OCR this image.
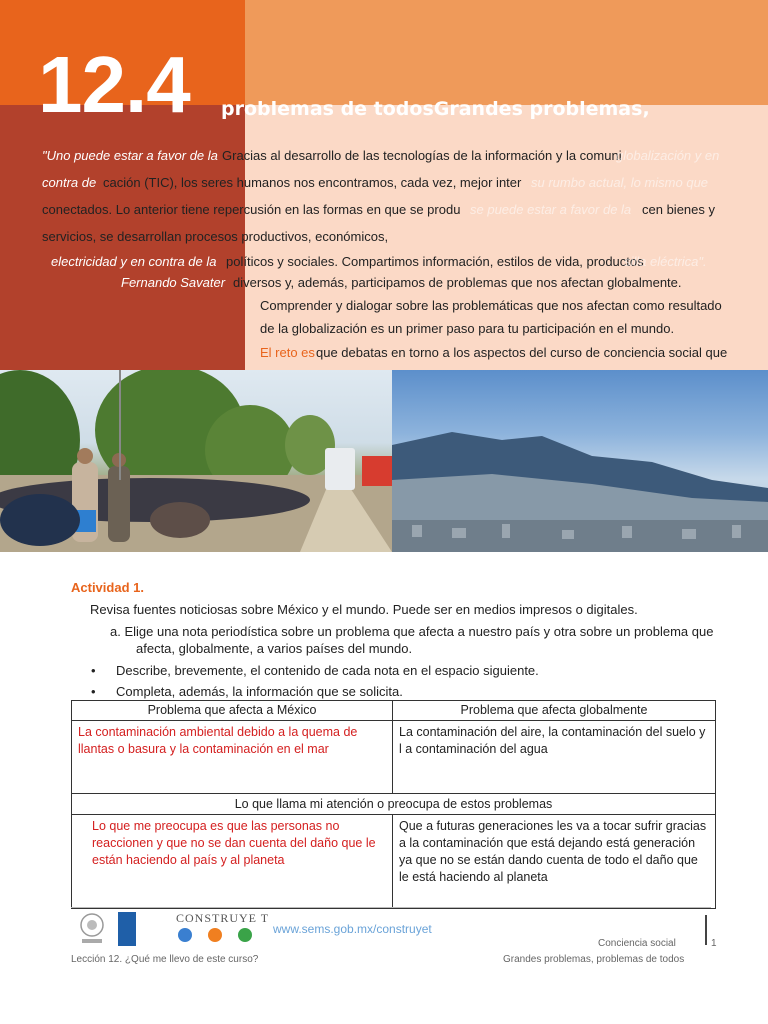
12.4 problemas de todosGrandes problemas,
"Uno puede estar a favor de la Gracias al desarrollo de las tecnologías de la información y la comuni
globalización y en
contra de cación (TIC), los seres humanos nos encontramos, cada vez, mejor inter su rumbo actual, lo mismo que
conectados. Lo anterior tiene repercusión en las formas en que se produ se puede estar a favor de la cen bienes y
servicios, se desarrollan procesos productivos, económicos,
electricidad y en contra de la políticos y sociales. Compartimos información, estilos de vida, productos
silla eléctrica".
Fernando Savater diversos y, además, participamos de problemas que nos afectan globalmente.
Comprender y dialogar sobre las problemáticas que nos afectan como resultado
de la globalización es un primer paso para tu participación en el mundo.
El reto es que debatas en torno a los aspectos del curso de conciencia social que
Actividad 1.
Revisa fuentes noticiosas sobre México y el mundo. Puede ser en medios impresos o digitales.
a. Elige una nota periodística sobre un problema que afecta a nuestro país y otra sobre un problema que
afecta, globalmente, a varios países del mundo.
• Describe, brevemente, el contenido de cada nota en el espacio siguiente.
• Completa, además, la información que se solicita.
Problema que afecta a México	Problema que afecta globalmente
La contaminación ambiental debido a la quema de llantas o basura y la contaminación en el mar	La contaminación del aire, la contaminación del suelo y l a contaminación del agua
Lo que llama mi atención o preocupa de estos problemas	
Lo que me preocupa es que las personas no reaccionen y que no se dan cuenta del daño que le están haciendo al país y al planeta	Que a futuras generaciones les va a tocar sufrir gracias a la contaminación que está dejando está generación ya que no se están dando cuenta de todo el daño que le está haciendo al planeta
CONSTRUYE T
www.sems.gob.mx/construyet
Conciencia social	1
Lección 12. ¿Qué me llevo de este curso?	Grandes problemas, problemas de todos
